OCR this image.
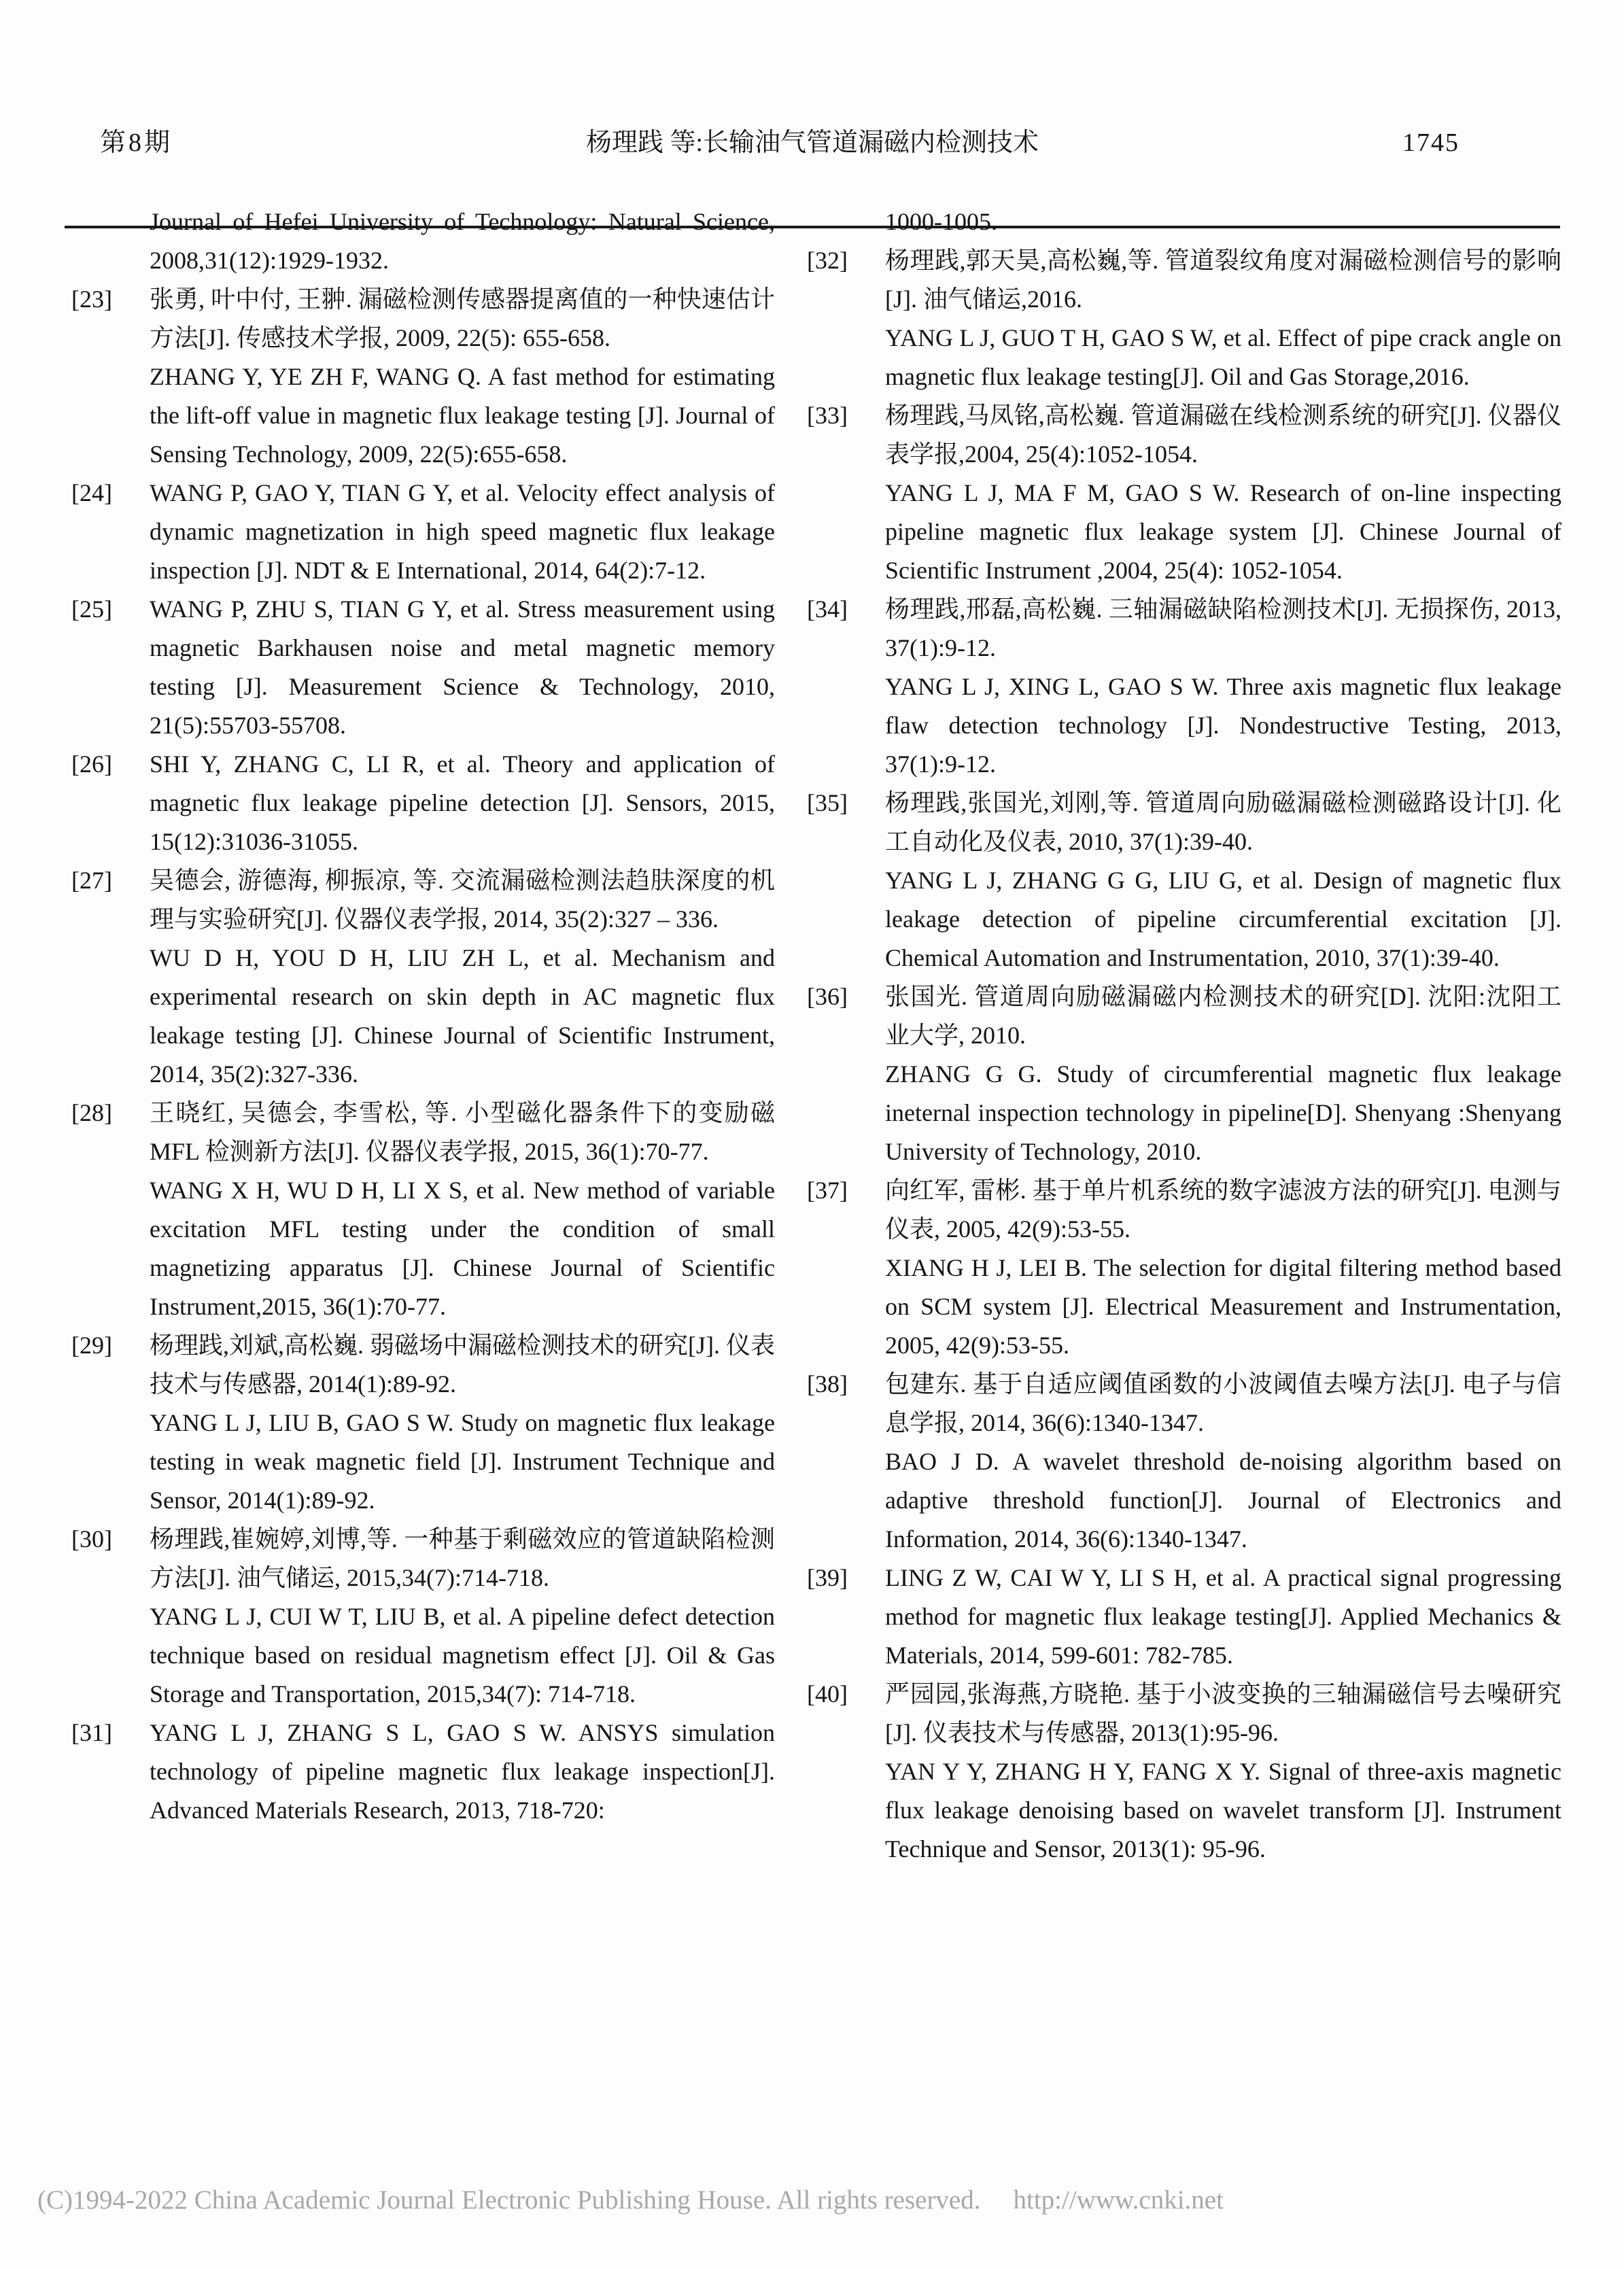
第8期	杨理践 等:长输油气管道漏磁内检测技术	1745

Journal of Hefei University of Technology: Natural Science, 2008,31(12):1929-1932.

[23] 张勇, 叶中付, 王翀. 漏磁检测传感器提离值的一种快速估计方法[J]. 传感技术学报, 2009, 22(5): 655-658.

ZHANG Y, YE ZH F, WANG Q. A fast method for estimating the lift-off value in magnetic flux leakage testing [J]. Journal of Sensing Technology, 2009, 22(5):655-658.

[24] WANG P, GAO Y, TIAN G Y, et al. Velocity effect analysis of dynamic magnetization in high speed magnetic flux leakage inspection [J]. NDT & E International, 2014, 64(2):7-12.

[25] WANG P, ZHU S, TIAN G Y, et al. Stress measurement using magnetic Barkhausen noise and metal magnetic memory testing [J]. Measurement Science & Technology, 2010, 21(5):55703-55708.

[26] SHI Y, ZHANG C, LI R, et al. Theory and application of magnetic flux leakage pipeline detection [J]. Sensors, 2015, 15(12):31036-31055.

[27] 吴德会, 游德海, 柳振凉, 等. 交流漏磁检测法趋肤深度的机理与实验研究[J]. 仪器仪表学报, 2014, 35(2):327 – 336.

WU D H, YOU D H, LIU ZH L, et al. Mechanism and experimental research on skin depth in AC magnetic flux leakage testing [J]. Chinese Journal of Scientific Instrument, 2014, 35(2):327-336.

[28] 王晓红, 吴德会, 李雪松, 等. 小型磁化器条件下的变励磁 MFL 检测新方法[J]. 仪器仪表学报, 2015, 36(1):70-77.

WANG X H, WU D H, LI X S, et al. New method of variable excitation MFL testing under the condition of small magnetizing apparatus [J]. Chinese Journal of Scientific Instrument,2015, 36(1):70-77.

[29] 杨理践,刘斌,高松巍. 弱磁场中漏磁检测技术的研究[J]. 仪表技术与传感器, 2014(1):89-92.

YANG L J, LIU B, GAO S W. Study on magnetic flux leakage testing in weak magnetic field [J]. Instrument Technique and Sensor, 2014(1):89-92.

[30] 杨理践,崔婉婷,刘博,等. 一种基于剩磁效应的管道缺陷检测方法[J]. 油气储运, 2015,34(7):714-718.

YANG L J, CUI W T, LIU B, et al. A pipeline defect detection technique based on residual magnetism effect [J]. Oil & Gas Storage and Transportation, 2015,34(7): 714-718.

[31] YANG L J, ZHANG S L, GAO S W. ANSYS simulation technology of pipeline magnetic flux leakage inspection[J]. Advanced Materials Research, 2013, 718-720:

1000-1005.

[32] 杨理践,郭天昊,高松巍,等. 管道裂纹角度对漏磁检测信号的影响[J]. 油气储运,2016.

YANG L J, GUO T H, GAO S W, et al. Effect of pipe crack angle on magnetic flux leakage testing[J]. Oil and Gas Storage,2016.

[33] 杨理践,马凤铭,高松巍. 管道漏磁在线检测系统的研究[J]. 仪器仪表学报,2004, 25(4):1052-1054.

YANG L J, MA F M, GAO S W. Research of on-line inspecting pipeline magnetic flux leakage system [J]. Chinese Journal of Scientific Instrument ,2004, 25(4): 1052-1054.

[34] 杨理践,邢磊,高松巍. 三轴漏磁缺陷检测技术[J]. 无损探伤, 2013, 37(1):9-12.

YANG L J, XING L, GAO S W. Three axis magnetic flux leakage flaw detection technology [J]. Nondestructive Testing, 2013, 37(1):9-12.

[35] 杨理践,张国光,刘刚,等. 管道周向励磁漏磁检测磁路设计[J]. 化工自动化及仪表, 2010, 37(1):39-40.

YANG L J, ZHANG G G, LIU G, et al. Design of magnetic flux leakage detection of pipeline circumferential excitation [J]. Chemical Automation and Instrumentation, 2010, 37(1):39-40.

[36] 张国光. 管道周向励磁漏磁内检测技术的研究[D]. 沈阳:沈阳工业大学, 2010.

ZHANG G G. Study of circumferential magnetic flux leakage ineternal inspection technology in pipeline[D]. Shenyang :Shenyang University of Technology, 2010.

[37] 向红军, 雷彬. 基于单片机系统的数字滤波方法的研究[J]. 电测与仪表, 2005, 42(9):53-55.

XIANG H J, LEI B. The selection for digital filtering method based on SCM system [J]. Electrical Measurement and Instrumentation, 2005, 42(9):53-55.

[38] 包建东. 基于自适应阈值函数的小波阈值去噪方法[J]. 电子与信息学报, 2014, 36(6):1340-1347.

BAO J D. A wavelet threshold de-noising algorithm based on adaptive threshold function[J]. Journal of Electronics and Information, 2014, 36(6):1340-1347.

[39] LING Z W, CAI W Y, LI S H, et al. A practical signal progressing method for magnetic flux leakage testing[J]. Applied Mechanics & Materials, 2014, 599-601: 782-785.

[40] 严园园,张海燕,方晓艳. 基于小波变换的三轴漏磁信号去噪研究[J]. 仪表技术与传感器, 2013(1):95-96.

YAN Y Y, ZHANG H Y, FANG X Y. Signal of three-axis magnetic flux leakage denoising based on wavelet transform [J]. Instrument Technique and Sensor, 2013(1): 95-96.

(C)1994-2022 China Academic Journal Electronic Publishing House. All rights reserved. http://www.cnki.net
